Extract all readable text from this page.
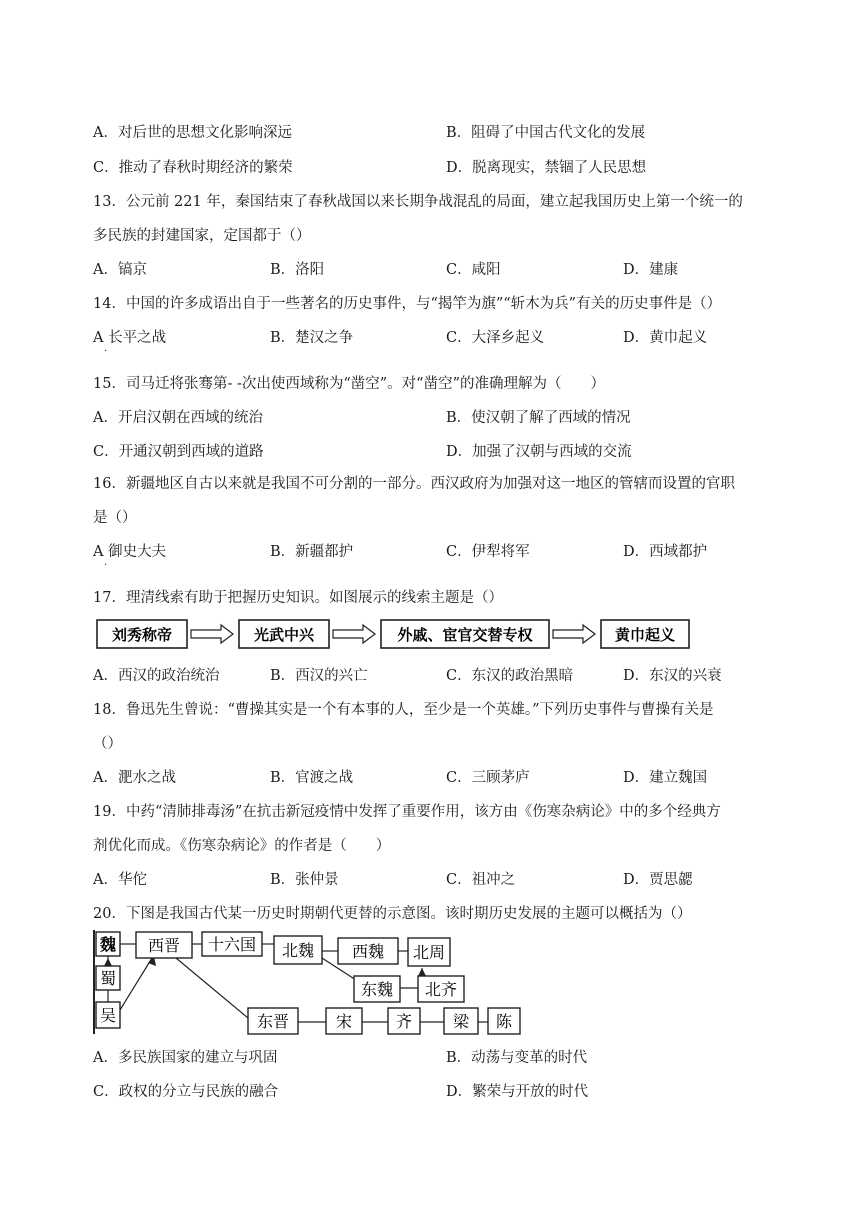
A．对后世的思想文化影响深远	B．阻碍了中国古代文化的发展
C．推动了春秋时期经济的繁荣	D．脱离现实，禁锢了人民思想
13．公元前 221 年，秦国结束了春秋战国以来长期争战混乱的局面，建立起我国历史上第一个统一的
多民族的封建国家，定国都于（）
A．镐京	B．洛阳	C．咸阳	D．建康
14．中国的许多成语出自于一些著名的历史事件，与“揭竿为旗”“斩木为兵”有关的历史事件是（）
A 长平之战	B．楚汉之争	C．大泽乡起义	D．黄巾起义
.
15．司马迁将张骞第- -次出使西域称为“凿空”。对“凿空”的准确理解为（　　）
A．开启汉朝在西域的统治	B．使汉朝了解了西域的情况
C．开通汉朝到西域的道路	D．加强了汉朝与西域的交流
16．新疆地区自古以来就是我国不可分割的一部分。西汉政府为加强对这一地区的管辖而设置的官职
是（）
A 御史大夫	B．新疆都护	C．伊犁将军	D．西域都护
.
17．理清线索有助于把握历史知识。如图展示的线索主题是（）
刘秀称帝	光武中兴	外戚、宦官交替专权	黄巾起义
A．西汉的政治统治	B．西汉的兴亡	C．东汉的政治黑暗	D．东汉的兴衰
18．鲁迅先生曾说：“曹操其实是一个有本事的人，至少是一个英雄。”下列历史事件与曹操有关是
（）
A．淝水之战	B．官渡之战	C．三顾茅庐	D．建立魏国
19．中药“清肺排毒汤”在抗击新冠疫情中发挥了重要作用，该方由《伤寒杂病论》中的多个经典方
剂优化而成。《伤寒杂病论》的作者是（　　）
A．华佗	B．张仲景	C．祖冲之	D．贾思勰
20．下图是我国古代某一历史时期朝代更替的示意图。该时期历史发展的主题可以概括为（）
魏
蜀
吴
西晋 十六国 北魏 西魏 北周
东魏 北齐
东晋	宋	齐	梁 陈
A．多民族国家的建立与巩固	B．动荡与变革的时代
C．政权的分立与民族的融合	D．繁荣与开放的时代
